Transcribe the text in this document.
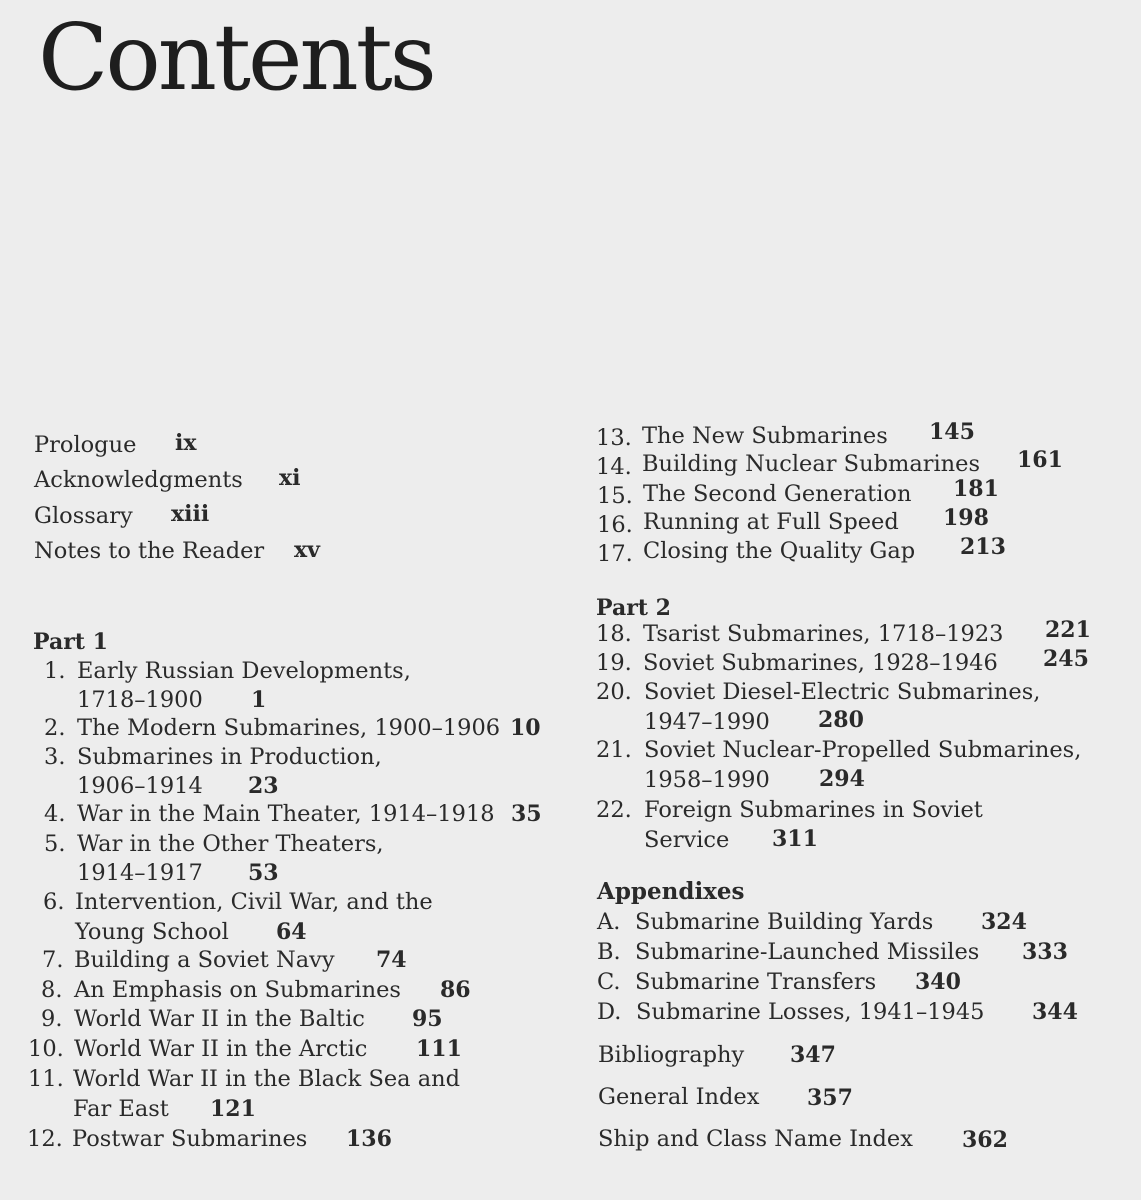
Contents
Prologue ix
Acknowledgments xi
Glossary xiii
Notes to the Reader xv
Part 1
1. Early Russian Developments,
1718–1900 1
2. The Modern Submarines, 1900–1906 10
3. Submarines in Production,
1906–1914 23
4. War in the Main Theater, 1914–1918 35
5. War in the Other Theaters,
1914–1917 53
6. Intervention, Civil War, and the
Young School 64
7. Building a Soviet Navy 74
8. An Emphasis on Submarines 86
9. World War II in the Baltic 95
10. World War II in the Arctic 111
11. World War II in the Black Sea and
Far East 121
12. Postwar Submarines 136
13. The New Submarines 145
14. Building Nuclear Submarines 161
15. The Second Generation 181
16. Running at Full Speed 198
17. Closing the Quality Gap 213
Part 2
18. Tsarist Submarines, 1718–1923 221
19. Soviet Submarines, 1928–1946 245
20. Soviet Diesel-Electric Submarines,
1947–1990 280
21. Soviet Nuclear-Propelled Submarines,
1958–1990 294
22. Foreign Submarines in Soviet
Service 311
Appendixes
A. Submarine Building Yards 324
B. Submarine-Launched Missiles 333
C. Submarine Transfers 340
D. Submarine Losses, 1941–1945 344
Bibliography 347
General Index 357
Ship and Class Name Index 362
